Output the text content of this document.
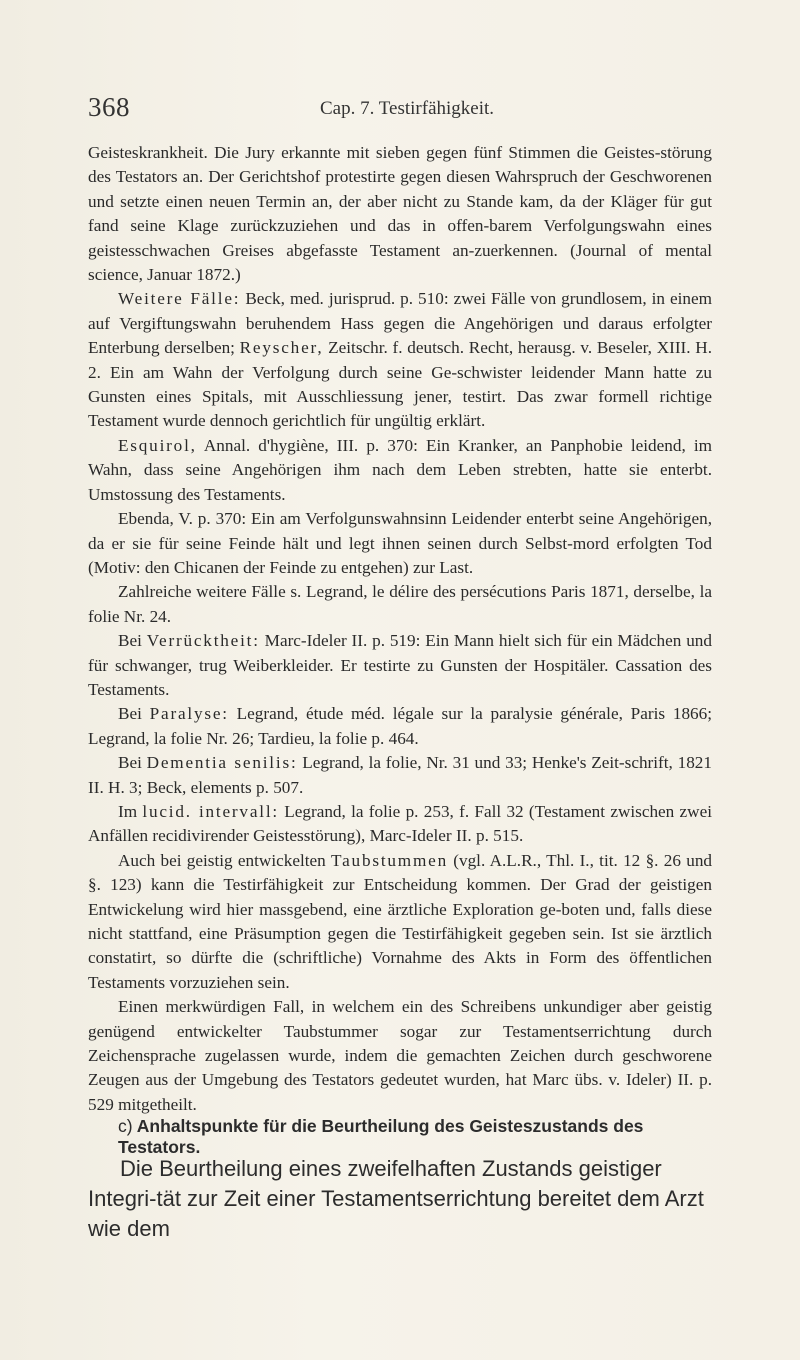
368	Cap. 7. Testirfähigkeit.

Geisteskrankheit. Die Jury erkannte mit sieben gegen fünf Stimmen die Geistes-störung des Testators an. Der Gerichtshof protestirte gegen diesen Wahrspruch der Geschworenen und setzte einen neuen Termin an, der aber nicht zu Stande kam, da der Kläger für gut fand seine Klage zurückzuziehen und das in offen-barem Verfolgungswahn eines geistesschwachen Greises abgefasste Testament an-zuerkennen. (Journal of mental science, Januar 1872.)

Weitere Fälle: Beck, med. jurisprud. p. 510: zwei Fälle von grundlosem, in einem auf Vergiftungswahn beruhendem Hass gegen die Angehörigen und daraus erfolgter Enterbung derselben; Reyscher, Zeitschr. f. deutsch. Recht, herausg. v. Beseler, XIII. H. 2. Ein am Wahn der Verfolgung durch seine Ge-schwister leidender Mann hatte zu Gunsten eines Spitals, mit Ausschliessung jener, testirt. Das zwar formell richtige Testament wurde dennoch gerichtlich für ungültig erklärt.

Esquirol, Annal. d'hygiène, III. p. 370: Ein Kranker, an Panphobie leidend, im Wahn, dass seine Angehörigen ihm nach dem Leben strebten, hatte sie enterbt. Umstossung des Testaments.

Ebenda, V. p. 370: Ein am Verfolgunswahnsinn Leidender enterbt seine Angehörigen, da er sie für seine Feinde hält und legt ihnen seinen durch Selbst-mord erfolgten Tod (Motiv: den Chicanen der Feinde zu entgehen) zur Last.

Zahlreiche weitere Fälle s. Legrand, le délire des persécutions Paris 1871, derselbe, la folie Nr. 24.

Bei Verrücktheit: Marc-Ideler II. p. 519: Ein Mann hielt sich für ein Mädchen und für schwanger, trug Weiberkleider. Er testirte zu Gunsten der Hospitäler. Cassation des Testaments.

Bei Paralyse: Legrand, étude méd. légale sur la paralysie générale, Paris 1866; Legrand, la folie Nr. 26; Tardieu, la folie p. 464.

Bei Dementia senilis: Legrand, la folie, Nr. 31 und 33; Henke's Zeit-schrift, 1821 II. H. 3; Beck, elements p. 507.

Im lucid. intervall: Legrand, la folie p. 253, f. Fall 32 (Testament zwischen zwei Anfällen recidivirender Geistesstörung), Marc-Ideler II. p. 515.

Auch bei geistig entwickelten Taubstummen (vgl. A.L.R., Thl. I., tit. 12 §. 26 und §. 123) kann die Testirfähigkeit zur Entscheidung kommen. Der Grad der geistigen Entwickelung wird hier massgebend, eine ärztliche Exploration ge-boten und, falls diese nicht stattfand, eine Präsumption gegen die Testirfähigkeit gegeben sein. Ist sie ärztlich constatirt, so dürfte die (schriftliche) Vornahme des Akts in Form des öffentlichen Testaments vorzuziehen sein.

Einen merkwürdigen Fall, in welchem ein des Schreibens unkundiger aber geistig genügend entwickelter Taubstummer sogar zur Testamentserrichtung durch Zeichensprache zugelassen wurde, indem die gemachten Zeichen durch geschworene Zeugen aus der Umgebung des Testators gedeutet wurden, hat Marc übs. v. Ideler) II. p. 529 mitgetheilt.

c) Anhaltspunkte für die Beurtheilung des Geisteszustands des Testators.

Die Beurtheilung eines zweifelhaften Zustands geistiger Integri-tät zur Zeit einer Testamentserrichtung bereitet dem Arzt wie dem
